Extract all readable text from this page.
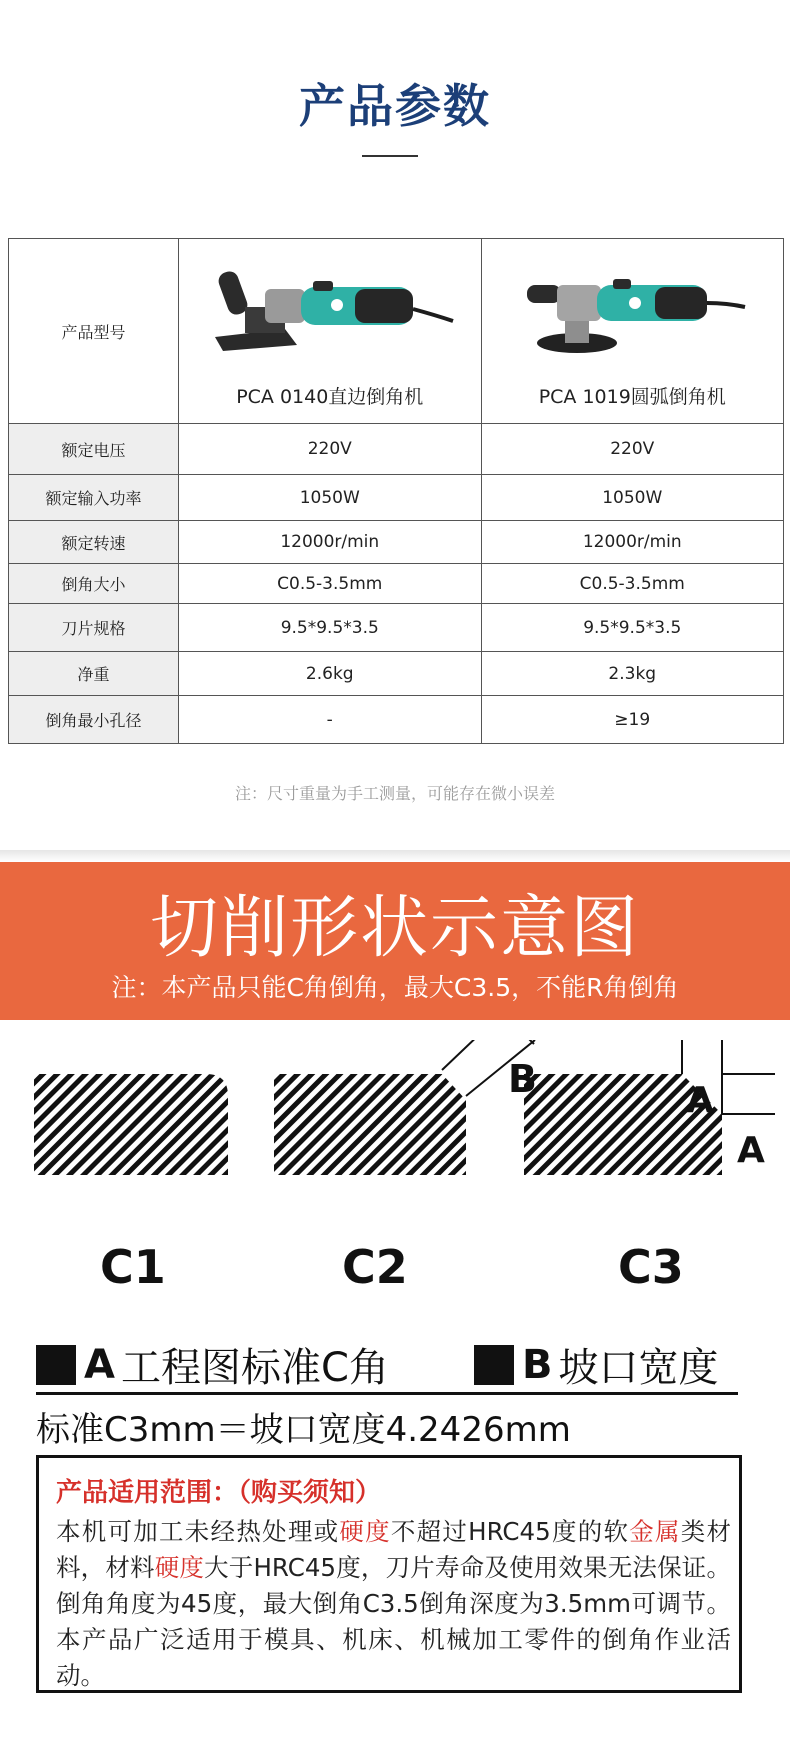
产品参数
产品型号	PCA 0140直边倒角机	PCA 1019圆弧倒角机

额定电压	220V	220V
额定输入功率	1050W	1050W
额定转速	12000r/min	12000r/min
倒角大小	C0.5-3.5mm	C0.5-3.5mm
刀片规格	9.5*9.5*3.5	9.5*9.5*3.5
净重	2.6kg	2.3kg
倒角最小孔径	-	≥19
注：尺寸重量为手工测量，可能存在微小误差
切削形状示意图
注：本产品只能C角倒角，最大C3.5，不能R角倒角
B	A
A
C1	C2	C3
A 工程图标准C角	B 坡口宽度
标准C3mm＝坡口宽度4.2426mm
产品适用范围：（购买须知）
本机可加工未经热处理或硬度不超过HRC45度的软金属类材料，材料硬度大于HRC45度，刀片寿命及使用效果无法保证。倒角角度为45度，最大倒角C3.5倒角深度为3.5mm可调节。本产品广泛适用于模具、机床、机械加工零件的倒角作业活动。
